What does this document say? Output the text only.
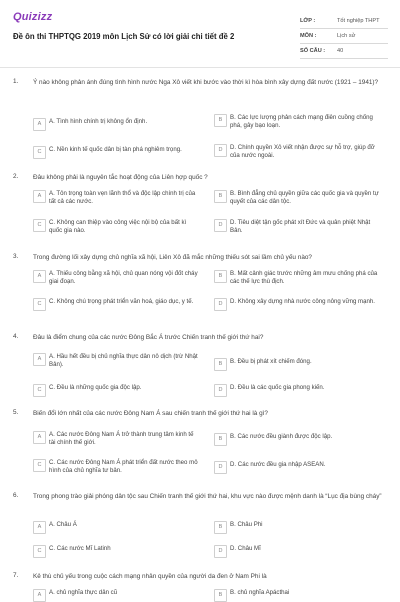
Quizizz
Đề ôn thi THPTQG 2019 môn Lịch Sử có lời giải chi tiết đề 2
LỚP :	Tốt nghiệp THPT
MÔN :	Lịch sử
SỐ CÂU :	40
1. Ý nào không phản ánh đúng tình hình nước Nga Xô viết khi bước vào thời kì hòa bình xây dựng đất nước (1921 – 1941)?
A	A. Tình hình chính trị không ổn định.	B	B. Các lực lượng phản cách mạng điên cuồng chống phá, gây bạo loạn.
C	C. Nền kinh tế quốc dân bị tàn phá nghiêm trọng.	D	D. Chính quyền Xô viết nhận được sự hỗ trợ, giúp đỡ của nước ngoài.
2. Đâu không phải là nguyên tắc hoạt động của Liên hợp quốc ?
A	A. Tôn trọng toàn vẹn lãnh thổ và độc lập chính trị của tất cả các nước.
B	B. Bình đẳng chủ quyền giữa các quốc gia và quyền tự quyết của các dân tộc.
C	C. Không can thiệp vào công việc nội bộ của bất kì quốc gia nào.
D	D. Tiêu diệt tận gốc phát xít Đức và quân phiệt Nhật Bản.
3. Trong đường lối xây dựng chủ nghĩa xã hội, Liên Xô đã mắc những thiếu sót sai lầm chủ yếu nào?
A	A. Thiếu công bằng xã hội, chủ quan nóng vội đốt cháy giai đoạn.
B	B. Mất cảnh giác trước những âm mưu chống phá của các thế lực thù địch.
C	C. Không chú trọng phát triển văn hoá, giáo dục, y tế.	D	D. Không xây dựng nhà nước công nông vững mạnh.
4. Đâu là điểm chung của các nước Đông Bắc Á trước Chiến tranh thế giới thứ hai?
A	A. Hầu hết đều bị chủ nghĩa thực dân nô dịch (trừ Nhật Bản).	B	B. Đều bị phát xít chiếm đóng.
C	C. Đều là những quốc gia độc lập.	D	D. Đều là các quốc gia phong kiến.
5. Biến đổi lớn nhất của các nước Đông Nam Á sau chiến tranh thế giới thứ hai là gì?
A	A. Các nước Đông Nam Á trở thành trung tâm kinh tế tài chính thế giới.
B	B. Các nước đều giành được độc lập.
C	C. Các nước Đông Nam Á phát triển đất nước theo mô hình của chủ nghĩa tư bản.
D	D. Các nước đều gia nhập ASEAN.
6. Trong phong trào giải phóng dân tộc sau Chiến tranh thế giới thứ hai, khu vực nào được mệnh danh là “Lục địa bùng cháy”
A	A. Châu Á	B	B. Châu Phi
C	C. Các nước Mĩ Latinh	D	D. Châu Mĩ
7. Kẻ thù chủ yếu trong cuộc cách mạng nhân quyền của người da đen ở Nam Phi là
A	A. chủ nghĩa thực dân cũ	B	B. chủ nghĩa Apácthai
